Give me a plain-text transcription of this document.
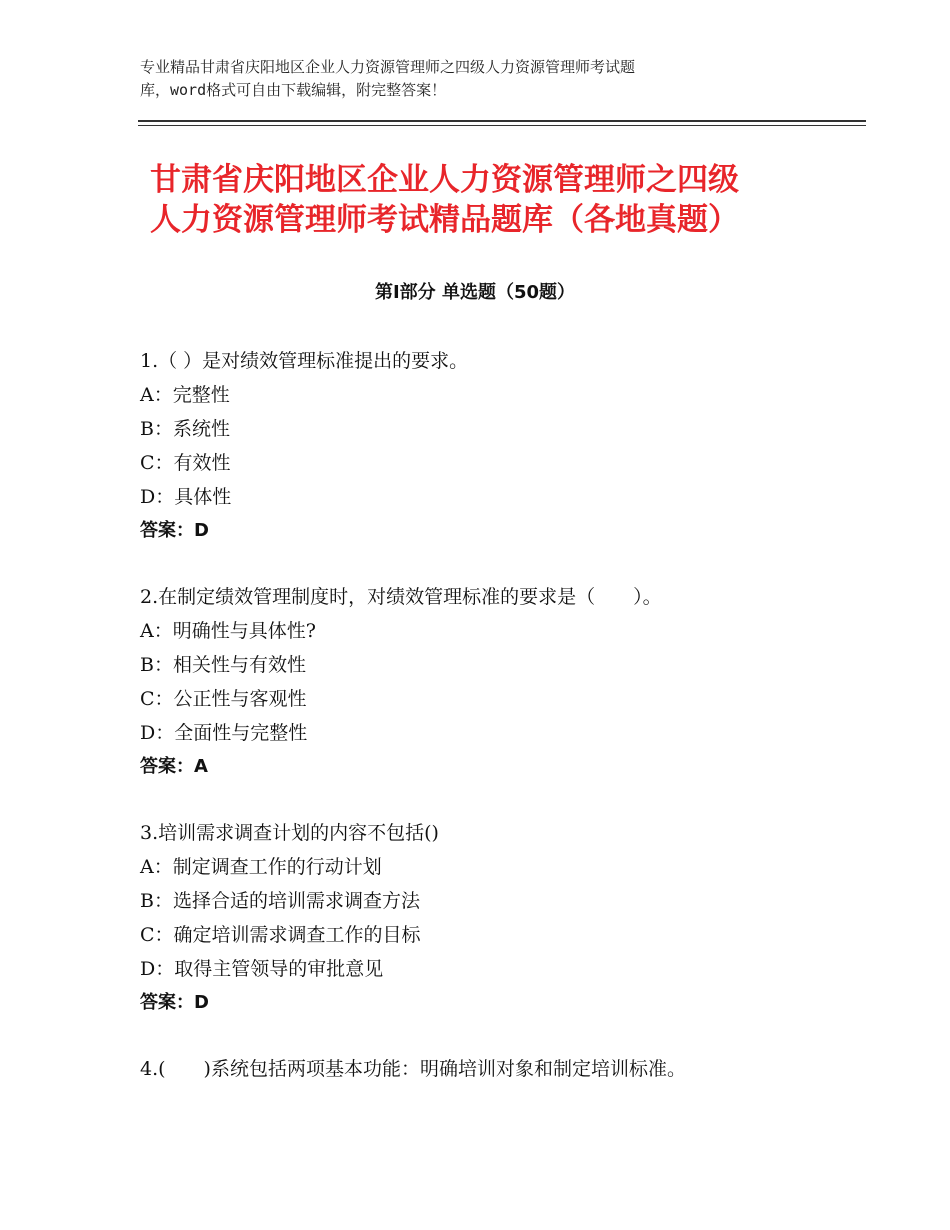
专业精品甘肃省庆阳地区企业人力资源管理师之四级人力资源管理师考试题
库，word格式可自由下载编辑，附完整答案！
甘肃省庆阳地区企业人力资源管理师之四级
人力资源管理师考试精品题库（各地真题）
第Ⅰ部分 单选题（50题）
1.（ ）是对绩效管理标准提出的要求。
A：完整性
B：系统性
C：有效性
D：具体性
答案：D
2.在制定绩效管理制度时，对绩效管理标准的要求是（　　）。
A：明确性与具体性?
B：相关性与有效性
C：公正性与客观性
D：全面性与完整性
答案：A
3.培训需求调查计划的内容不包括()
A：制定调查工作的行动计划
B：选择合适的培训需求调查方法
C：确定培训需求调查工作的目标
D：取得主管领导的审批意见
答案：D
4.(　　)系统包括两项基本功能：明确培训对象和制定培训标准。
